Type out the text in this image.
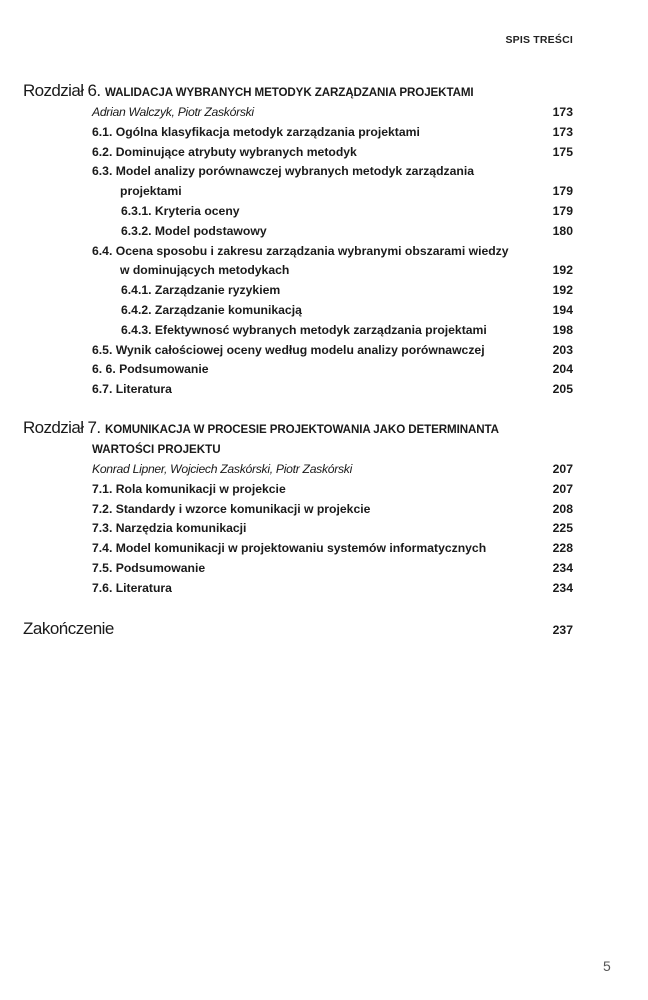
SPIS TREŚCI
Rozdział 6. WALIDACJA WYBRANYCH METODYK ZARZĄDZANIA PROJEKTAMI
Adrian Walczyk, Piotr Zaskórski	173
6.1. Ogólna klasyfikacja metodyk zarządzania projektami	173
6.2. Dominujące atrybuty wybranych metodyk	175
6.3. Model analizy porównawczej wybranych metodyk zarządzania
projektami	179
6.3.1. Kryteria oceny	179
6.3.2. Model podstawowy	180
6.4. Ocena sposobu i zakresu zarządzania wybranymi obszarami wiedzy
w dominujących metodykach	192
6.4.1. Zarządzanie ryzykiem	192
6.4.2. Zarządzanie komunikacją	194
6.4.3. Efektywnosć wybranych metodyk zarządzania projektami	198
6.5. Wynik całościowej oceny według modelu analizy porównawczej	203
6. 6. Podsumowanie	204
6.7. Literatura	205
Rozdział 7. KOMUNIKACJA W PROCESIE PROJEKTOWANIA JAKO DETERMINANTA
WARTOŚCI PROJEKTU
Konrad Lipner, Wojciech Zaskórski, Piotr Zaskórski	207
7.1. Rola komunikacji w projekcie	207
7.2. Standardy i wzorce komunikacji w projekcie	208
7.3. Narzędzia komunikacji	225
7.4. Model komunikacji w projektowaniu systemów informatycznych	228
7.5. Podsumowanie	234
7.6. Literatura	234
Zakończenie	237
5
